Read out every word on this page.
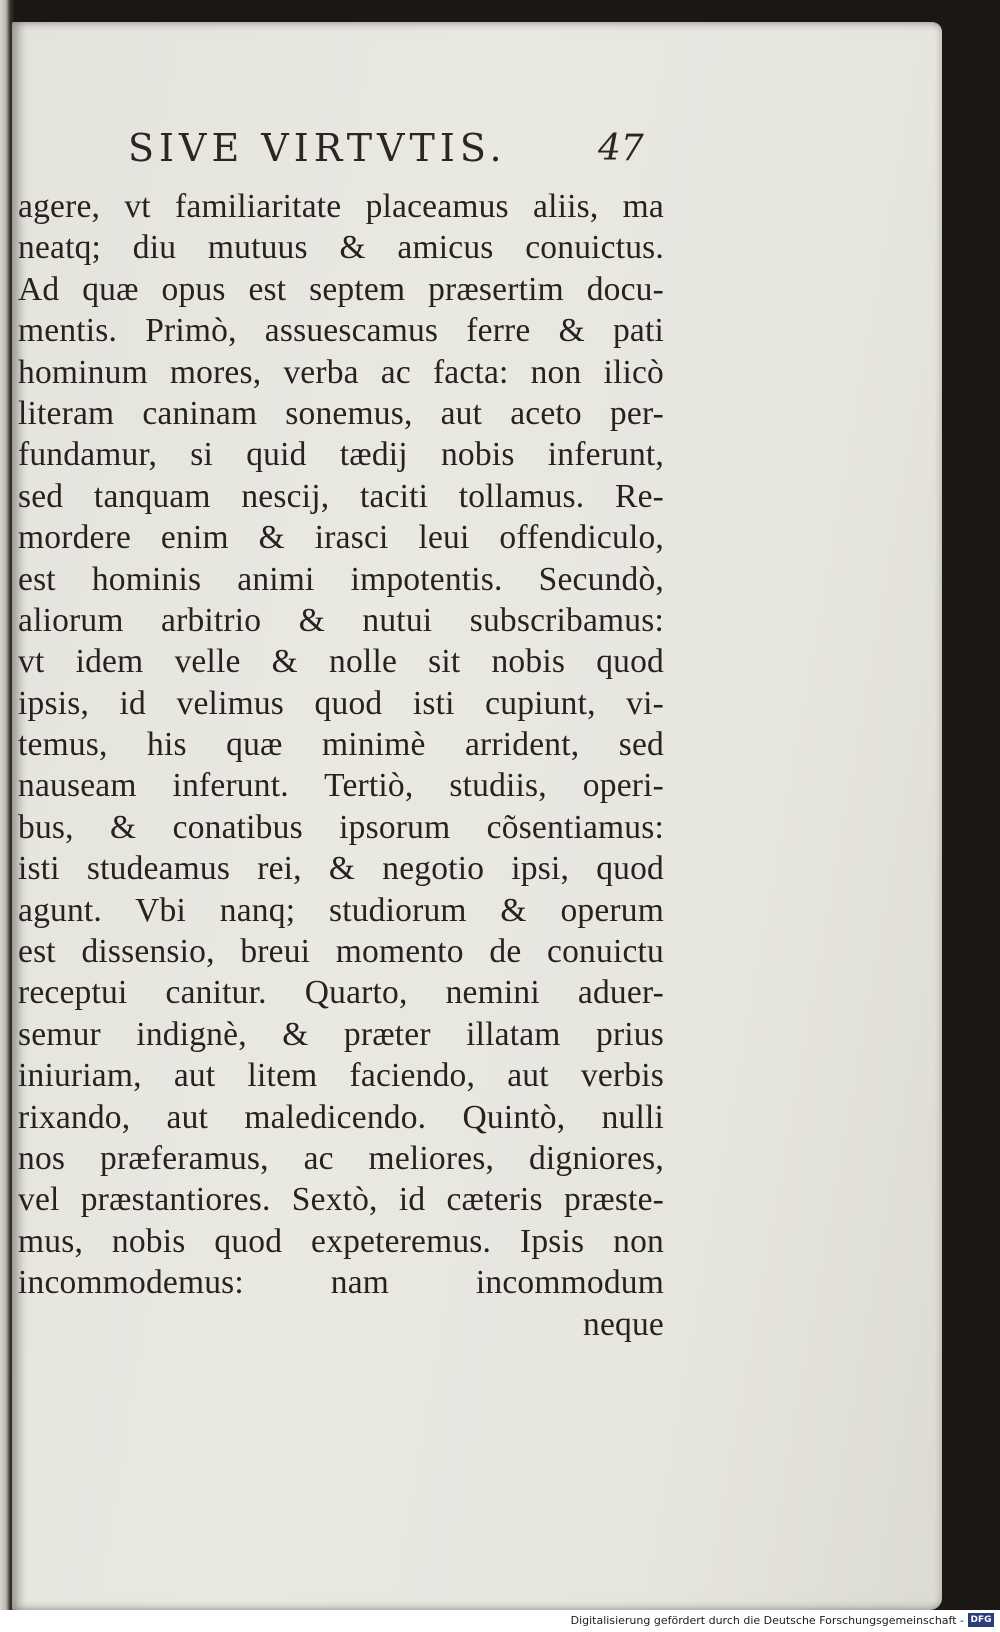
SIVE VIRTVTIS.	47
agere, vt familiaritate placeamus aliis, ma
neatq; diu mutuus & amicus conuictus.
Ad quæ opus est septem præsertim docu-
mentis. Primò, assuescamus ferre & pati
hominum mores, verba ac facta: non ilicò
literam caninam sonemus, aut aceto per-
fundamur, si quid tædij nobis inferunt,
sed tanquam nescij, taciti tollamus. Re-
mordere enim & irasci leui offendiculo,
est hominis animi impotentis. Secundò,
aliorum arbitrio & nutui subscribamus:
vt idem velle & nolle sit nobis quod
ipsis, id velimus quod isti cupiunt, vi-
temus, his quæ minimè arrident, sed
nauseam inferunt. Tertiò, studiis, operi-
bus, & conatibus ipsorum cõsentiamus:
isti studeamus rei, & negotio ipsi, quod
agunt. Vbi nanq; studiorum & operum
est dissensio, breui momento de conuictu
receptui canitur. Quarto, nemini aduer-
semur indignè, & præter illatam prius
iniuriam, aut litem faciendo, aut verbis
rixando, aut maledicendo. Quintò, nulli
nos præferamus, ac meliores, digniores,
vel præstantiores. Sextò, id cæteris præste-
mus, nobis quod expeteremus. Ipsis non
incommodemus: nam incommodum
neque
Digitalisierung gefördert durch die Deutsche Forschungsgemeinschaft - DFG
